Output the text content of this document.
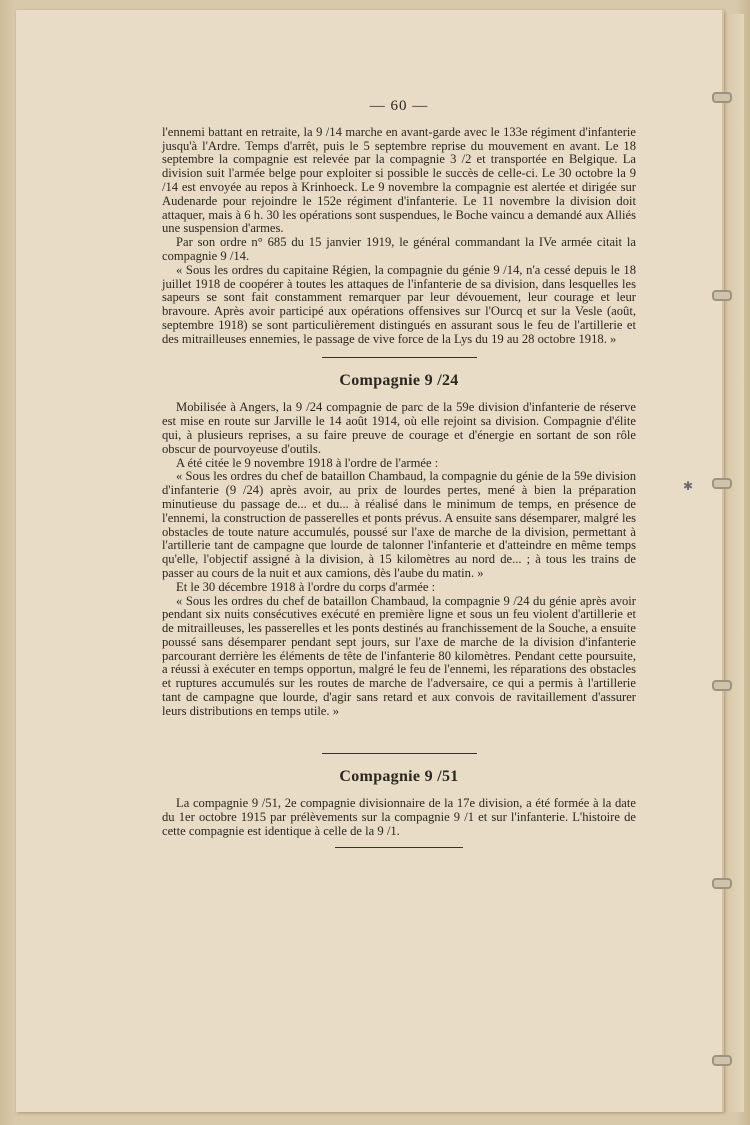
✱
— 60 —

l'ennemi battant en retraite, la 9 /14 marche en avant-garde avec le 133e régiment d'infanterie jusqu'à l'Ardre. Temps d'arrêt, puis le 5 septembre reprise du mouvement en avant. Le 18 septembre la compagnie est relevée par la compagnie 3 /2 et transportée en Belgique. La division suit l'armée belge pour exploiter si possible le succès de celle-ci. Le 30 octobre la 9 /14 est envoyée au repos à Krinhoeck. Le 9 novembre la compagnie est alertée et dirigée sur Audenarde pour rejoindre le 152e régiment d'infanterie. Le 11 novembre la division doit attaquer, mais à 6 h. 30 les opérations sont suspendues, le Boche vaincu a demandé aux Alliés une suspension d'armes.

Par son ordre n° 685 du 15 janvier 1919, le général commandant la IVe armée citait la compagnie 9 /14.

« Sous les ordres du capitaine Régien, la compagnie du génie 9 /14, n'a cessé depuis le 18 juillet 1918 de coopérer à toutes les attaques de l'infanterie de sa division, dans lesquelles les sapeurs se sont fait constamment remarquer par leur dévouement, leur courage et leur bravoure. Après avoir participé aux opérations offensives sur l'Ourcq et sur la Vesle (août, septembre 1918) se sont particulièrement distingués en assurant sous le feu de l'artillerie et des mitrailleuses ennemies, le passage de vive force de la Lys du 19 au 28 octobre 1918. »

Compagnie 9 /24

Mobilisée à Angers, la 9 /24 compagnie de parc de la 59e division d'infanterie de réserve est mise en route sur Jarville le 14 août 1914, où elle rejoint sa division. Compagnie d'élite qui, à plusieurs reprises, a su faire preuve de courage et d'énergie en sortant de son rôle obscur de pourvoyeuse d'outils.

A été citée le 9 novembre 1918 à l'ordre de l'armée :

« Sous les ordres du chef de bataillon Chambaud, la compagnie du génie de la 59e division d'infanterie (9 /24) après avoir, au prix de lourdes pertes, mené à bien la préparation minutieuse du passage de... et du... à réalisé dans le minimum de temps, en présence de l'ennemi, la construction de passerelles et ponts prévus. A ensuite sans désemparer, malgré les obstacles de toute nature accumulés, poussé sur l'axe de marche de la division, permettant à l'artillerie tant de campagne que lourde de talonner l'infanterie et d'atteindre en même temps qu'elle, l'objectif assigné à la division, à 15 kilomètres au nord de... ; à tous les trains de passer au cours de la nuit et aux camions, dès l'aube du matin. »

Et le 30 décembre 1918 à l'ordre du corps d'armée :

« Sous les ordres du chef de bataillon Chambaud, la compagnie 9 /24 du génie après avoir pendant six nuits consécutives exécuté en première ligne et sous un feu violent d'artillerie et de mitrailleuses, les passerelles et les ponts destinés au franchissement de la Souche, a ensuite poussé sans désemparer pendant sept jours, sur l'axe de marche de la division d'infanterie parcourant derrière les éléments de tête de l'infanterie 80 kilomètres. Pendant cette poursuite, a réussi à exécuter en temps opportun, malgré le feu de l'ennemi, les réparations des obstacles et ruptures accumulés sur les routes de marche de l'adversaire, ce qui a permis à l'artillerie tant de campagne que lourde, d'agir sans retard et aux convois de ravitaillement d'assurer leurs distributions en temps utile. »

Compagnie 9 /51

La compagnie 9 /51, 2e compagnie divisionnaire de la 17e division, a été formée à la date du 1er octobre 1915 par prélèvements sur la compagnie 9 /1 et sur l'infanterie. L'histoire de cette compagnie est identique à celle de la 9 /1.
